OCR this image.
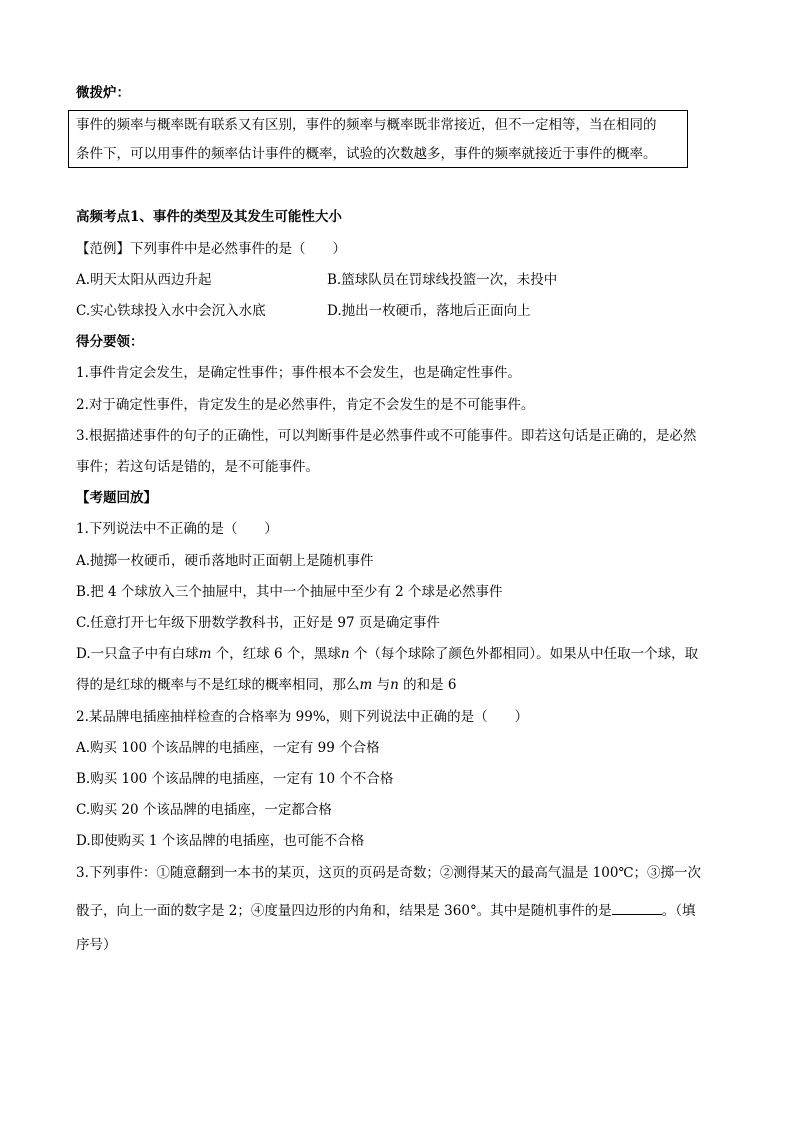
微拨炉：
事件的频率与概率既有联系又有区别，事件的频率与概率既非常接近，但不一定相等，当在相同的
条件下，可以用事件的频率估计事件的概率，试验的次数越多，事件的频率就接近于事件的概率。
高频考点1、事件的类型及其发生可能性大小
【范例】下列事件中是必然事件的是（　　）
A.明天太阳从西边升起	B.篮球队员在罚球线投篮一次，未投中
C.实心铁球投入水中会沉入水底	D.抛出一枚硬币，落地后正面向上
得分要领：
1.事件肯定会发生，是确定性事件；事件根本不会发生，也是确定性事件。
2.对于确定性事件，肯定发生的是必然事件，肯定不会发生的是不可能事件。
3.根据描述事件的句子的正确性，可以判断事件是必然事件或不可能事件。即若这句话是正确的，是必然
事件；若这句话是错的，是不可能事件。
【考题回放】
1.下列说法中不正确的是（　　）
A.抛掷一枚硬币，硬币落地时正面朝上是随机事件
B.把 4 个球放入三个抽屉中，其中一个抽屉中至少有 2 个球是必然事件
C.任意打开七年级下册数学教科书，正好是 97 页是确定事件
D.一只盒子中有白球m 个，红球 6 个，黑球n 个（每个球除了颜色外都相同）。如果从中任取一个球，取
得的是红球的概率与不是红球的概率相同，那么m 与n 的和是 6
2.某品牌电插座抽样检查的合格率为 99%，则下列说法中正确的是（　　）
A.购买 100 个该品牌的电插座，一定有 99 个合格
B.购买 100 个该品牌的电插座，一定有 10 个不合格
C.购买 20 个该品牌的电插座，一定都合格
D.即使购买 1 个该品牌的电插座，也可能不合格
3.下列事件：①随意翻到一本书的某页，这页的页码是奇数；②测得某天的最高气温是 100℃；③掷一次
骰子，向上一面的数字是 2；④度量四边形的内角和，结果是 360°。其中是随机事件的是	。（填
序号）
